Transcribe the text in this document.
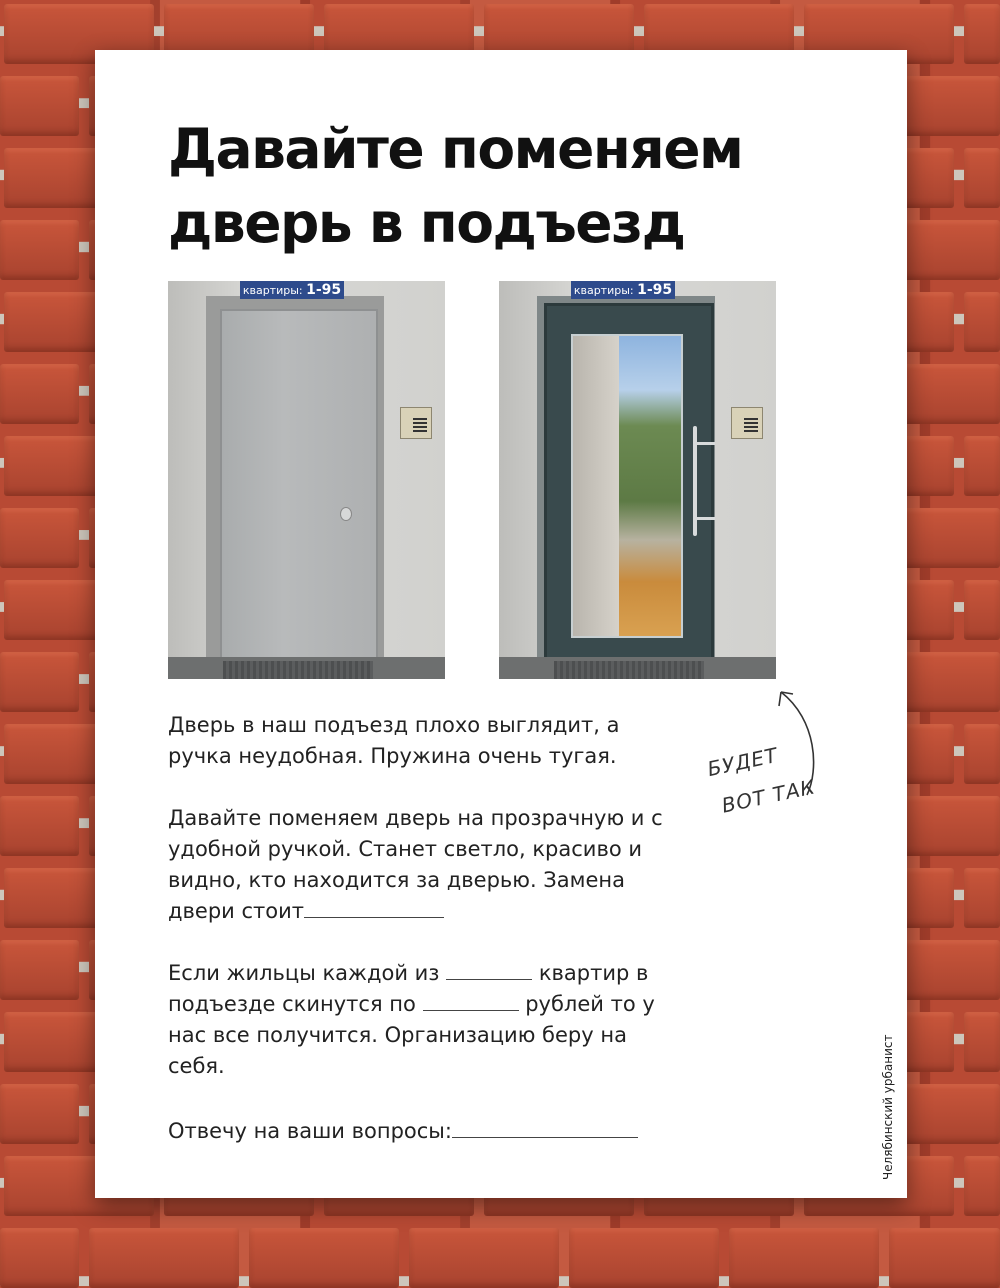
Давайте поменяем дверь в подъезд
квартиры: 1-95	квартиры: 1-95
БУДЕТ
ВОТ ТАК

Дверь в наш подъезд плохо выглядит, а ручка неудобная. Пружина очень тугая.

Давайте поменяем дверь на прозрачную и с удобной ручкой. Станет светло, красиво и видно, кто находится за дверью. Замена двери стоит

Если жильцы каждой из	квартир в подъезде скинутся по	рублей то у нас все получится. Организацию беру на себя.

Отвечу на ваши вопросы:	Челябинский урбанист
